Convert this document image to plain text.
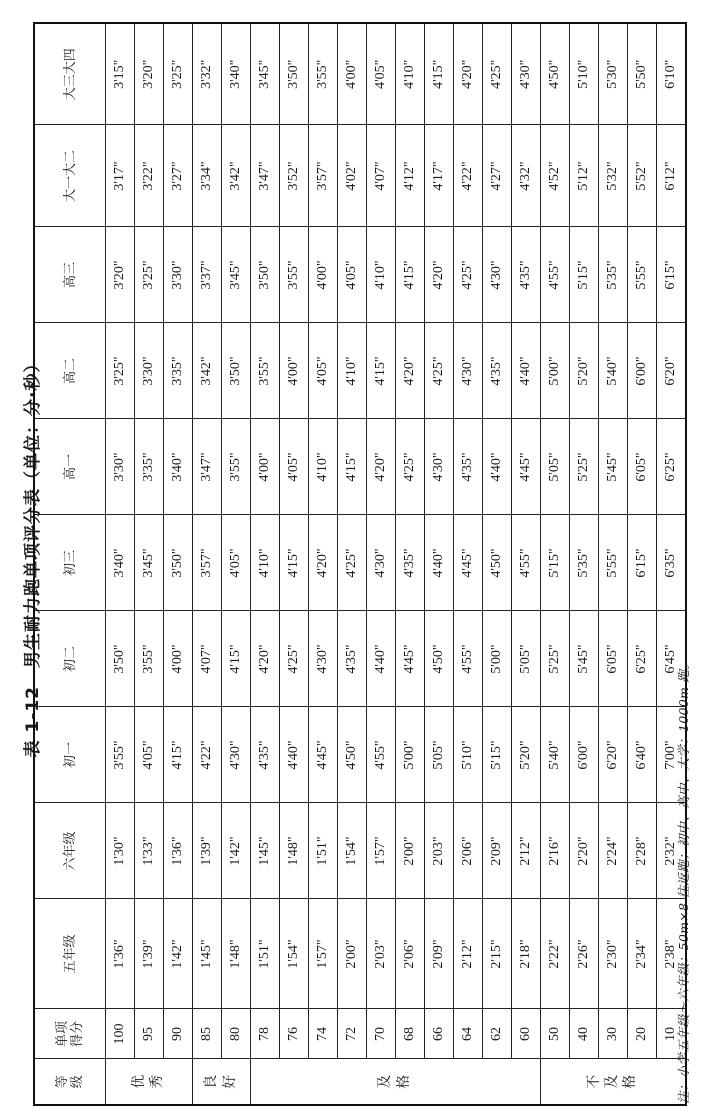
表 1-12　男生耐力跑单项评分表（单位：分·秒）
等 级	单项 得分	五年级	六年级	初一	初二	初三	高一	高二	高三	大一大二	大三大四

优 秀	100	1'36"	1'30"	3'55"	3'50"	3'40"	3'30"	3'25"	3'20"	3'17"	3'15"
	95	1'39"	1'33"	4'05"	3'55"	3'45"	3'35"	3'30"	3'25"	3'22"	3'20"
	90	1'42"	1'36"	4'15"	4'00"	3'50"	3'40"	3'35"	3'30"	3'27"	3'25"

良 好	85	1'45"	1'39"	4'22"	4'07"	3'57"	3'47"	3'42"	3'37"	3'34"	3'32"
	80	1'48"	1'42"	4'30"	4'15"	4'05"	3'55"	3'50"	3'45"	3'42"	3'40"

及 格	78	1'51"	1'45"	4'35"	4'20"	4'10"	4'00"	3'55"	3'50"	3'47"	3'45"
	76	1'54"	1'48"	4'40"	4'25"	4'15"	4'05"	4'00"	3'55"	3'52"	3'50"
	74	1'57"	1'51"	4'45"	4'30"	4'20"	4'10"	4'05"	4'00"	3'57"	3'55"
	72	2'00"	1'54"	4'50"	4'35"	4'25"	4'15"	4'10"	4'05"	4'02"	4'00"
	70	2'03"	1'57"	4'55"	4'40"	4'30"	4'20"	4'15"	4'10"	4'07"	4'05"
	68	2'06"	2'00"	5'00"	4'45"	4'35"	4'25"	4'20"	4'15"	4'12"	4'10"
	66	2'09"	2'03"	5'05"	4'50"	4'40"	4'30"	4'25"	4'20"	4'17"	4'15"
	64	2'12"	2'06"	5'10"	4'55"	4'45"	4'35"	4'30"	4'25"	4'22"	4'20"
	62	2'15"	2'09"	5'15"	5'00"	4'50"	4'40"	4'35"	4'30"	4'27"	4'25"
	60	2'18"	2'12"	5'20"	5'05"	4'55"	4'45"	4'40"	4'35"	4'32"	4'30"

不 及 格	50	2'22"	2'16"	5'40"	5'25"	5'15"	5'05"	5'00"	4'55"	4'52"	4'50"
	40	2'26"	2'20"	6'00"	5'45"	5'35"	5'25"	5'20"	5'15"	5'12"	5'10"
	30	2'30"	2'24"	6'20"	6'05"	5'55"	5'45"	5'40"	5'35"	5'32"	5'30"
	20	2'34"	2'28"	6'40"	6'25"	6'15"	6'05"	6'00"	5'55"	5'52"	5'50"
	10	2'38"	2'32"	7'00"	6'45"	6'35"	6'25"	6'20"	6'15"	6'12"	6'10"
注：小学五年级～六年级：50m×8 往返跑；初中、高中、大学：1000m 跑。
